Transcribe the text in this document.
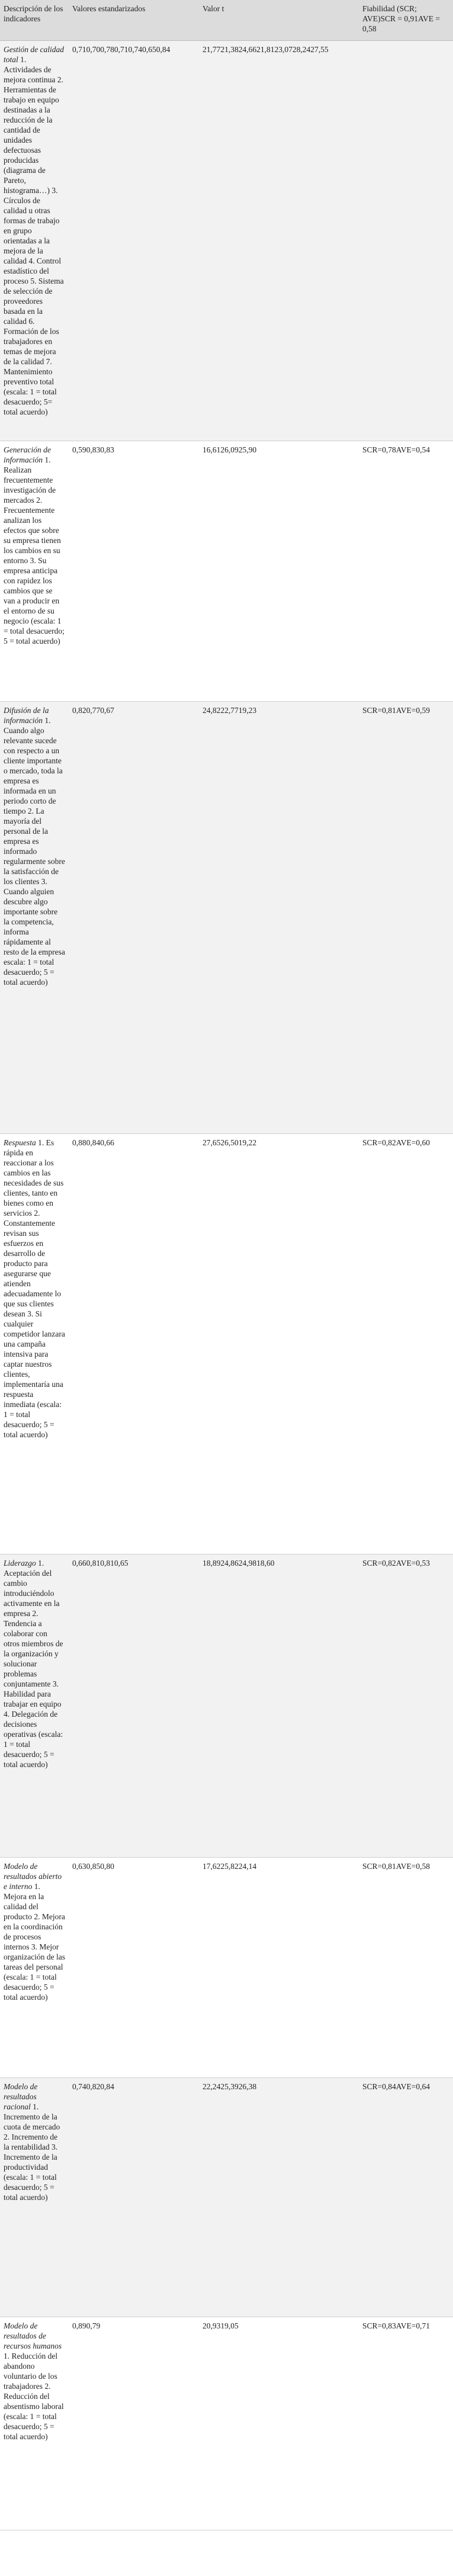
Descripción de los indicadores	Valores estandarizados	Valor t	Fiabilidad (SCR; AVE)SCR = 0,91AVE = 0,58
Gestión de calidad total 1. Actividades de mejora continua 2. Herramientas de trabajo en equipo destinadas a la reducción de la cantidad de unidades defectuosas producidas (diagrama de Pareto, histograma…) 3. Círculos de calidad u otras formas de trabajo en grupo orientadas a la mejora de la calidad 4. Control estadístico del proceso 5. Sistema de selección de proveedores basada en la calidad 6. Formación de los trabajadores en temas de mejora de la calidad 7. Mantenimiento preventivo total (escala: 1 = total desacuerdo; 5= total acuerdo)	0,710,700,780,710,740,650,84	21,7721,3824,6621,8123,0728,2427,55	
Generación de información 1. Realizan frecuentemente investigación de mercados 2. Frecuentemente analizan los efectos que sobre su empresa tienen los cambios en su entorno 3. Su empresa anticipa con rapidez los cambios que se van a producir en el entorno de su negocio (escala: 1 = total desacuerdo; 5 = total acuerdo)	0,590,830,83	16,6126,0925,90	SCR=0,78AVE=0,54
Difusión de la información 1. Cuando algo relevante sucede con respecto a un cliente importante o mercado, toda la empresa es informada en un periodo corto de tiempo 2. La mayoría del personal de la empresa es informado regularmente sobre la satisfacción de los clientes 3. Cuando alguien descubre algo importante sobre la competencia, informa rápidamente al resto de la empresa escala: 1 = total desacuerdo; 5 = total acuerdo)	0,820,770,67	24,8222,7719,23	SCR=0,81AVE=0,59
Respuesta 1. Es rápida en reaccionar a los cambios en las necesidades de sus clientes, tanto en bienes como en servicios 2. Constantemente revisan sus esfuerzos en desarrollo de producto para asegurarse que atienden adecuadamente lo que sus clientes desean 3. Si cualquier competidor lanzara una campaña intensiva para captar nuestros clientes, implementaría una respuesta inmediata (escala: 1 = total desacuerdo; 5 = total acuerdo)	0,880,840,66	27,6526,5019,22	SCR=0,82AVE=0,60
Liderazgo 1. Aceptación del cambio introduciéndolo activamente en la empresa 2. Tendencia a colaborar con otros miembros de la organización y solucionar problemas conjuntamente 3. Habilidad para trabajar en equipo 4. Delegación de decisiones operativas (escala: 1 = total desacuerdo; 5 = total acuerdo)	0,660,810,810,65	18,8924,8624,9818,60	SCR=0,82AVE=0,53
Modelo de resultados abierto e interno 1. Mejora en la calidad del producto 2. Mejora en la coordinación de procesos internos 3. Mejor organización de las tareas del personal (escala: 1 = total desacuerdo; 5 = total acuerdo)	0,630,850,80	17,6225,8224,14	SCR=0,81AVE=0,58
Modelo de resultados racional 1. Incremento de la cuota de mercado 2. Incremento de la rentabilidad 3. Incremento de la productividad (escala: 1 = total desacuerdo; 5 = total acuerdo)	0,740,820,84	22,2425,3926,38	SCR=0,84AVE=0,64
Modelo de resultados de recursos humanos 1. Reducción del abandono voluntario de los trabajadores 2. Reducción del absentismo laboral (escala: 1 = total desacuerdo; 5 = total acuerdo)	0,890,79	20,9319,05	SCR=0,83AVE=0,71
